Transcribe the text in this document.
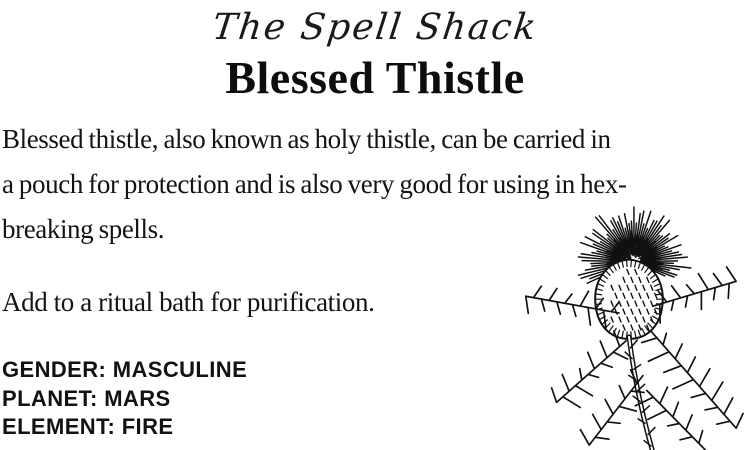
The Spell Shack
Blessed Thistle
Blessed thistle, also known as holy thistle, can be carried in
a pouch for protection and is also very good for using in hex-
breaking spells.
Add to a ritual bath for purification.
GENDER: MASCULINE
PLANET: MARS
ELEMENT: FIRE
